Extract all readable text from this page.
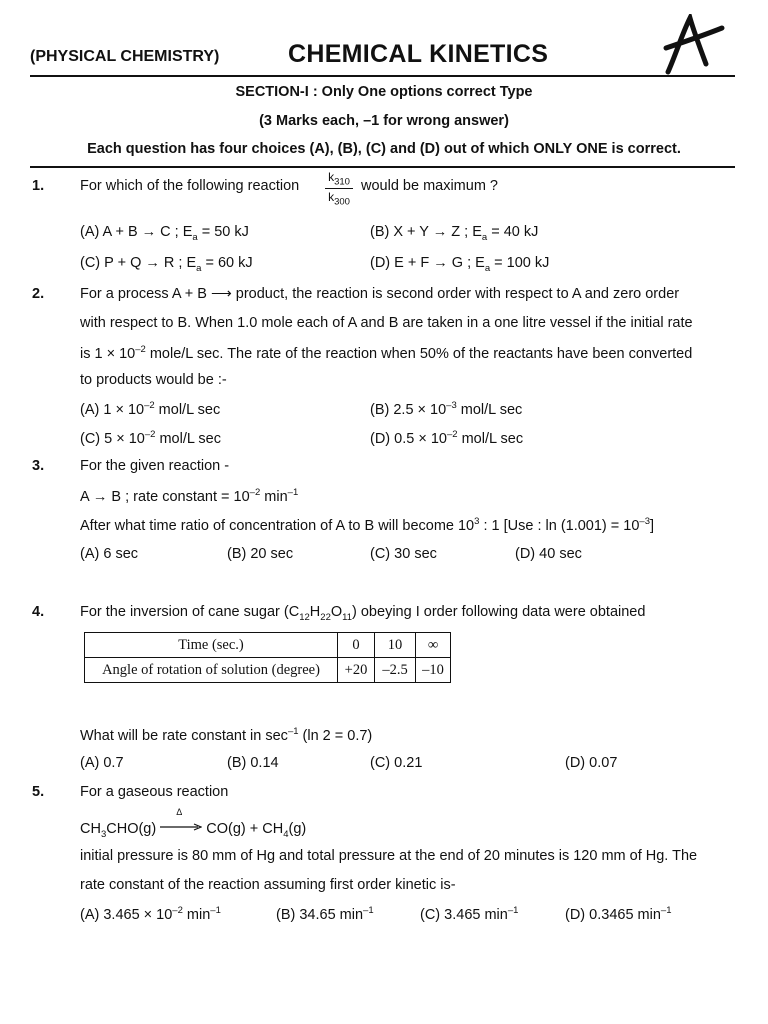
(PHYSICAL CHEMISTRY)	CHEMICAL KINETICS
SECTION-I : Only One options correct Type
(3 Marks each, –1 for wrong answer)
Each question has four choices (A), (B), (C) and (D) out of which ONLY ONE is correct.
1. For which of the following reaction
$k_{310}$
$k_{300}$
would be maximum ?
(A) A + B → C ; $E_a = 50$ kJ	(B) X + Y → Z ; $E_a = 40$ kJ
(C) P + Q → R ; $E_a = 60$ kJ	(D) E + F → G ; $E_a = 100$ kJ
2. For a process A + B ⟶ product, the reaction is second order with respect to A and zero order
with respect to B. When 1.0 mole each of A and B are taken in a one litre vessel if the initial rate
is $1 \times 10^{-2}$ mole/L sec. The rate of the reaction when 50% of the reactants have been converted
to products would be :-
(A) $1 \times 10^{-2}$ mol/L sec	(B) $2.5 \times 10^{-3}$ mol/L sec
(C) $5 \times 10^{-2}$ mol/L sec	(D) $0.5 \times 10^{-2}$ mol/L sec
3. For the given reaction -
A → B ; rate constant = $10^{-2}$ $\min^{-1}$
After what time ratio of concentration of A to B will become $10^3$ : 1 [Use : $\ln (1.001) = 10^{-3}$]
(A) 6 sec	(B) 20 sec	(C) 30 sec	(D) 40 sec
4. For the inversion of cane sugar $(C_{12}H_{22}O_{11})$ obeying I order following data were obtained
Time (sec.)	0	10	∞
Angle of rotation of solution (degree)	+20	–2.5	–10
What will be rate constant in $\sec^{-1} (\ln$ 2 = 0.7)
(A) 0.7	(B) 0.14	(C) 0.21	(D) 0.07
5. For a gaseous reaction
$CH_3CHO(g)$
Δ
$CO(g) + CH_4(g)$
initial pressure is 80 mm of Hg and total pressure at the end of 20 minutes is 120 mm of Hg. The
rate constant of the reaction assuming first order kinetic is-
(A) $3.465 \times 10^{-2}$ $\min^{-1}$	(B) 34.65 $\min^{-1}$	(C) 3.465 $\min^{-1}$	(D) 0.3465 $\min^{-1}$
